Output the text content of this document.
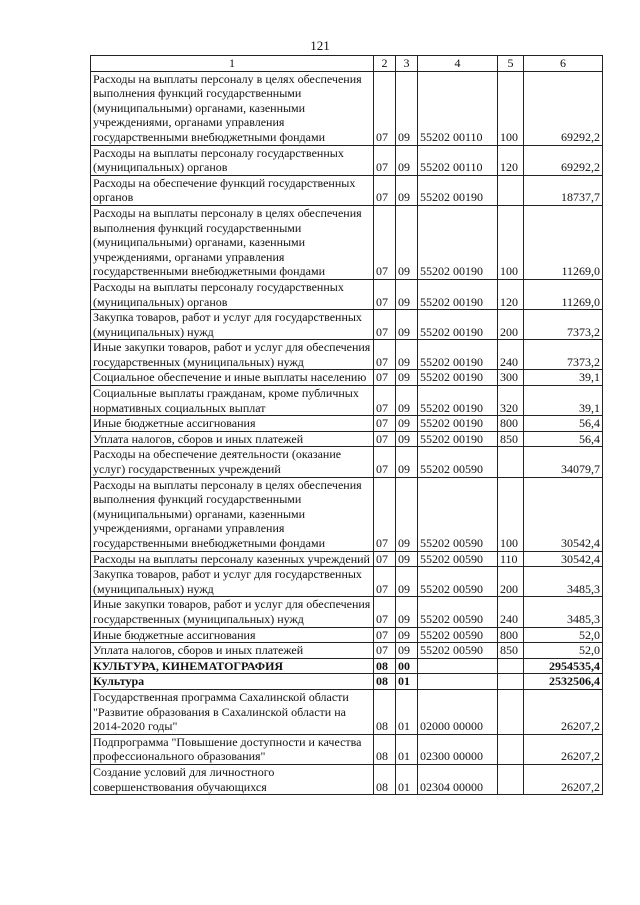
121
1	2	3	4	5	6
Расходы на выплаты персоналу в целях обеспечения выполнения функций государственными (муниципальными) органами, казенными учреждениями, органами управления государственными внебюджетными фондами	07	09	55202 00110	100	69292,2
Расходы на выплаты персоналу государственных (муниципальных) органов	07	09	55202 00110	120	69292,2
Расходы на обеспечение функций государственных органов	07	09	55202 00190		18737,7
Расходы на выплаты персоналу в целях обеспечения выполнения функций государственными (муниципальными) органами, казенными учреждениями, органами управления государственными внебюджетными фондами	07	09	55202 00190	100	11269,0
Расходы на выплаты персоналу государственных (муниципальных) органов	07	09	55202 00190	120	11269,0
Закупка товаров, работ и услуг для государственных (муниципальных) нужд	07	09	55202 00190	200	7373,2
Иные закупки товаров, работ и услуг для обеспечения государственных (муниципальных) нужд	07	09	55202 00190	240	7373,2
Социальное обеспечение и иные выплаты населению	07	09	55202 00190	300	39,1
Социальные выплаты гражданам, кроме публичных нормативных социальных выплат	07	09	55202 00190	320	39,1
Иные бюджетные ассигнования	07	09	55202 00190	800	56,4
Уплата налогов, сборов и иных платежей	07	09	55202 00190	850	56,4
Расходы на обеспечение деятельности (оказание услуг) государственных учреждений	07	09	55202 00590		34079,7
Расходы на выплаты персоналу в целях обеспечения выполнения функций государственными (муниципальными) органами, казенными учреждениями, органами управления государственными внебюджетными фондами	07	09	55202 00590	100	30542,4
Расходы на выплаты персоналу казенных учреждений	07	09	55202 00590	110	30542,4
Закупка товаров, работ и услуг для государственных (муниципальных) нужд	07	09	55202 00590	200	3485,3
Иные закупки товаров, работ и услуг для обеспечения государственных (муниципальных) нужд	07	09	55202 00590	240	3485,3
Иные бюджетные ассигнования	07	09	55202 00590	800	52,0
Уплата налогов, сборов и иных платежей	07	09	55202 00590	850	52,0
КУЛЬТУРА, КИНЕМАТОГРАФИЯ	08	00			2954535,4
Культура	08	01			2532506,4
Государственная программа Сахалинской области "Развитие образования в Сахалинской области на 2014-2020 годы"	08	01	02000 00000		26207,2
Подпрограмма "Повышение доступности и качества профессионального образования"	08	01	02300 00000		26207,2
Создание условий для личностного совершенствования обучающихся	08	01	02304 00000		26207,2
